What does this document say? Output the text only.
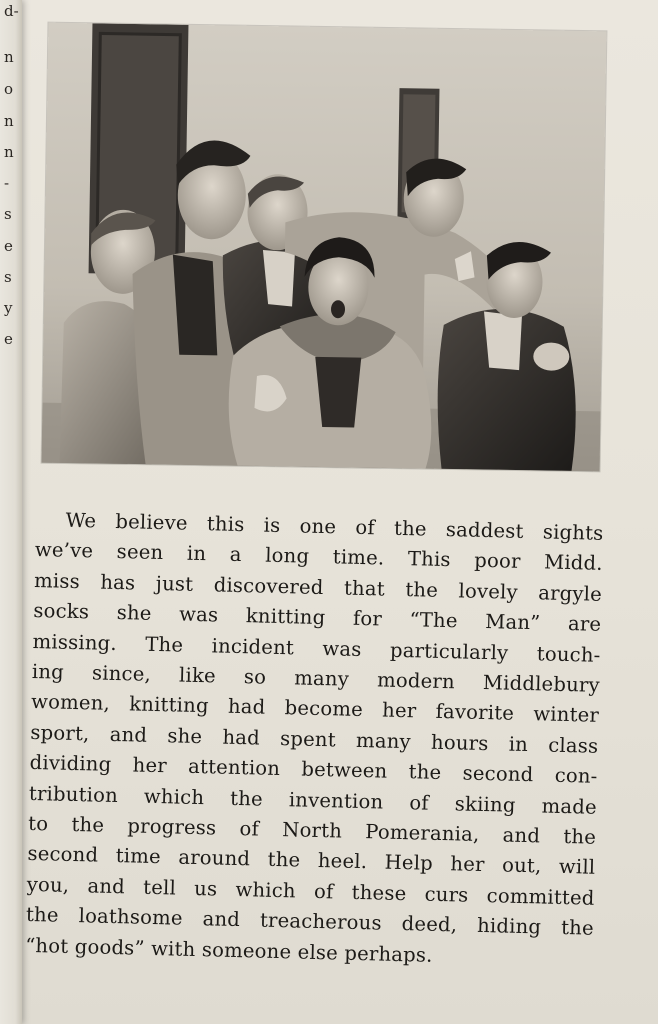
d-
n
o
n
n
-
s
e
s
y
e
We believe this is one of the saddest sights
we’ve seen in a long time. This poor Midd.
miss has just discovered that the lovely argyle
socks she was knitting for “The Man” are
missing. The incident was particularly touch-
ing since, like so many modern Middlebury
women, knitting had become her favorite winter
sport, and she had spent many hours in class
dividing her attention between the second con-
tribution which the invention of skiing made
to the progress of North Pomerania, and the
second time around the heel. Help her out, will
you, and tell us which of these curs committed
the loathsome and treacherous deed, hiding the
“hot goods” with someone else perhaps.
